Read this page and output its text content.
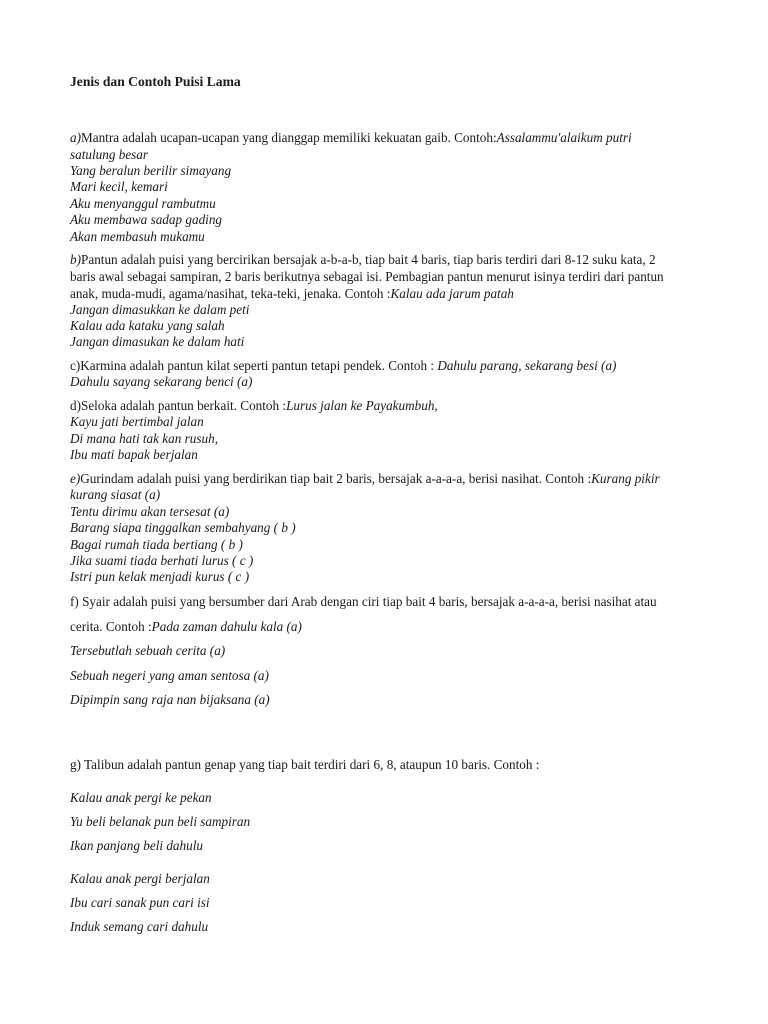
Jenis dan Contoh Puisi Lama
a)Mantra adalah ucapan-ucapan yang dianggap memiliki kekuatan gaib. Contoh:Assalammu'alaikum putri
satulung besar
Yang beralun berilir simayang
Mari kecil, kemari
Aku menyanggul rambutmu
Aku membawa sadap gading
Akan membasuh mukamu
b)Pantun adalah puisi yang bercirikan bersajak a-b-a-b, tiap bait 4 baris, tiap baris terdiri dari 8-12 suku kata, 2
baris awal sebagai sampiran, 2 baris berikutnya sebagai isi. Pembagian pantun menurut isinya terdiri dari pantun
anak, muda-mudi, agama/nasihat, teka-teki, jenaka. Contoh :Kalau ada jarum patah
Jangan dimasukkan ke dalam peti
Kalau ada kataku yang salah
Jangan dimasukan ke dalam hati
c)Karmina adalah pantun kilat seperti pantun tetapi pendek. Contoh : Dahulu parang, sekarang besi (a)
Dahulu sayang sekarang benci (a)
d)Seloka adalah pantun berkait. Contoh :Lurus jalan ke Payakumbuh,
Kayu jati bertimbal jalan
Di mana hati tak kan rusuh,
Ibu mati bapak berjalan
e)Gurindam adalah puisi yang berdirikan tiap bait 2 baris, bersajak a-a-a-a, berisi nasihat. Contoh :Kurang pikir
kurang siasat (a)
Tentu dirimu akan tersesat (a)
Barang siapa tinggalkan sembahyang ( b )
Bagai rumah tiada bertiang ( b )
Jika suami tiada berhati lurus ( c )
Istri pun kelak menjadi kurus ( c )
f) Syair adalah puisi yang bersumber dari Arab dengan ciri tiap bait 4 baris, bersajak a-a-a-a, berisi nasihat atau
cerita. Contoh :Pada zaman dahulu kala (a)
Tersebutlah sebuah cerita (a)
Sebuah negeri yang aman sentosa (a)
Dipimpin sang raja nan bijaksana (a)
g) Talibun adalah pantun genap yang tiap bait terdiri dari 6, 8, ataupun 10 baris. Contoh :
Kalau anak pergi ke pekan
Yu beli belanak pun beli sampiran
Ikan panjang beli dahulu
Kalau anak pergi berjalan
Ibu cari sanak pun cari isi
Induk semang cari dahulu
